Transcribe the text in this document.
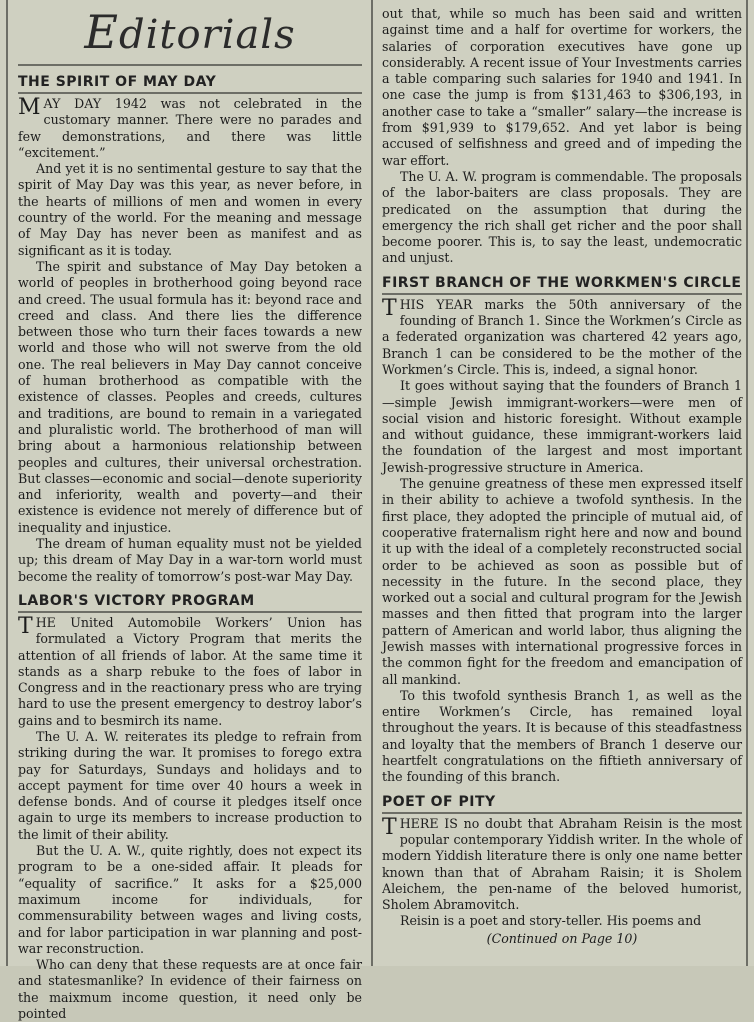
Editorials
THE SPIRIT OF MAY DAY

MAY DAY 1942 was not celebrated in the customary manner. There were no parades and few demonstrations, and there was little “excitement.”

And yet it is no sentimental gesture to say that the spirit of May Day was this year, as never before, in the hearts of millions of men and women in every country of the world. For the meaning and message of May Day has never been as manifest and as significant as it is today.

The spirit and substance of May Day betoken a world of peoples in brotherhood going beyond race and creed. The usual formula has it: beyond race and creed and class. And there lies the difference between those who turn their faces towards a new world and those who will not swerve from the old one. The real believers in May Day cannot conceive of human brotherhood as compatible with the existence of classes. Peoples and creeds, cultures and traditions, are bound to remain in a variegated and pluralistic world. The brotherhood of man will bring about a harmonious relationship between peoples and cultures, their universal orchestration. But classes—economic and social—denote superiority and inferiority, wealth and poverty—and their existence is evidence not merely of difference but of inequality and injustice.

The dream of human equality must not be yielded up; this dream of May Day in a war-torn world must become the reality of tomorrow’s post-war May Day.

LABOR'S VICTORY PROGRAM

THE United Automobile Workers’ Union has formulated a Victory Program that merits the attention of all friends of labor. At the same time it stands as a sharp rebuke to the foes of labor in Congress and in the reactionary press who are trying hard to use the present emergency to destroy labor’s gains and to besmirch its name.

The U. A. W. reiterates its pledge to refrain from striking during the war. It promises to forego extra pay for Saturdays, Sundays and holidays and to accept payment for time over 40 hours a week in defense bonds. And of course it pledges itself once again to urge its members to increase production to the limit of their ability.

But the U. A. W., quite rightly, does not expect its program to be a one-sided affair. It pleads for “equality of sacrifice.” It asks for a $25,000 maximum income for individuals, for commensurability between wages and living costs, and for labor participation in war planning and post-war reconstruction.

Who can deny that these requests are at once fair and statesmanlike? In evidence of their fairness on the maixmum income question, it need only be pointed

out that, while so much has been said and written against time and a half for overtime for workers, the salaries of corporation executives have gone up considerably. A recent issue of Your Investments carries a table comparing such salaries for 1940 and 1941. In one case the jump is from $131,463 to $306,193, in another case to take a “smaller” salary—the increase is from $91,939 to $179,652. And yet labor is being accused of selfishness and greed and of impeding the war effort.

The U. A. W. program is commendable. The proposals of the labor-baiters are class proposals. They are predicated on the assumption that during the emergency the rich shall get richer and the poor shall become poorer. This is, to say the least, undemocratic and unjust.

FIRST BRANCH OF THE WORKMEN'S CIRCLE

THIS YEAR marks the 50th anniversary of the founding of Branch 1. Since the Workmen’s Circle as a federated organization was chartered 42 years ago, Branch 1 can be considered to be the mother of the Workmen’s Circle. This is, indeed, a signal honor.

It goes without saying that the founders of Branch 1—simple Jewish immigrant-workers—were men of social vision and historic foresight. Without example and without guidance, these immigrant-workers laid the foundation of the largest and most important Jewish-progressive structure in America.

The genuine greatness of these men expressed itself in their ability to achieve a twofold synthesis. In the first place, they adopted the principle of mutual aid, of cooperative fraternalism right here and now and bound it up with the ideal of a completely reconstructed social order to be achieved as soon as possible but of necessity in the future. In the second place, they worked out a social and cultural program for the Jewish masses and then fitted that program into the larger pattern of American and world labor, thus aligning the Jewish masses with international progressive forces in the common fight for the freedom and emancipation of all mankind.

To this twofold synthesis Branch 1, as well as the entire Workmen’s Circle, has remained loyal throughout the years. It is because of this steadfastness and loyalty that the members of Branch 1 deserve our heartfelt congratulations on the fiftieth anniversary of the founding of this branch.

POET OF PITY

THERE IS no doubt that Abraham Reisin is the most popular contemporary Yiddish writer. In the whole of modern Yiddish literature there is only one name better known than that of Abraham Raisin; it is Sholem Aleichem, the pen-name of the beloved humorist, Sholem Abramovitch.

Reisin is a poet and story-teller. His poems and

(Continued on Page 10)
